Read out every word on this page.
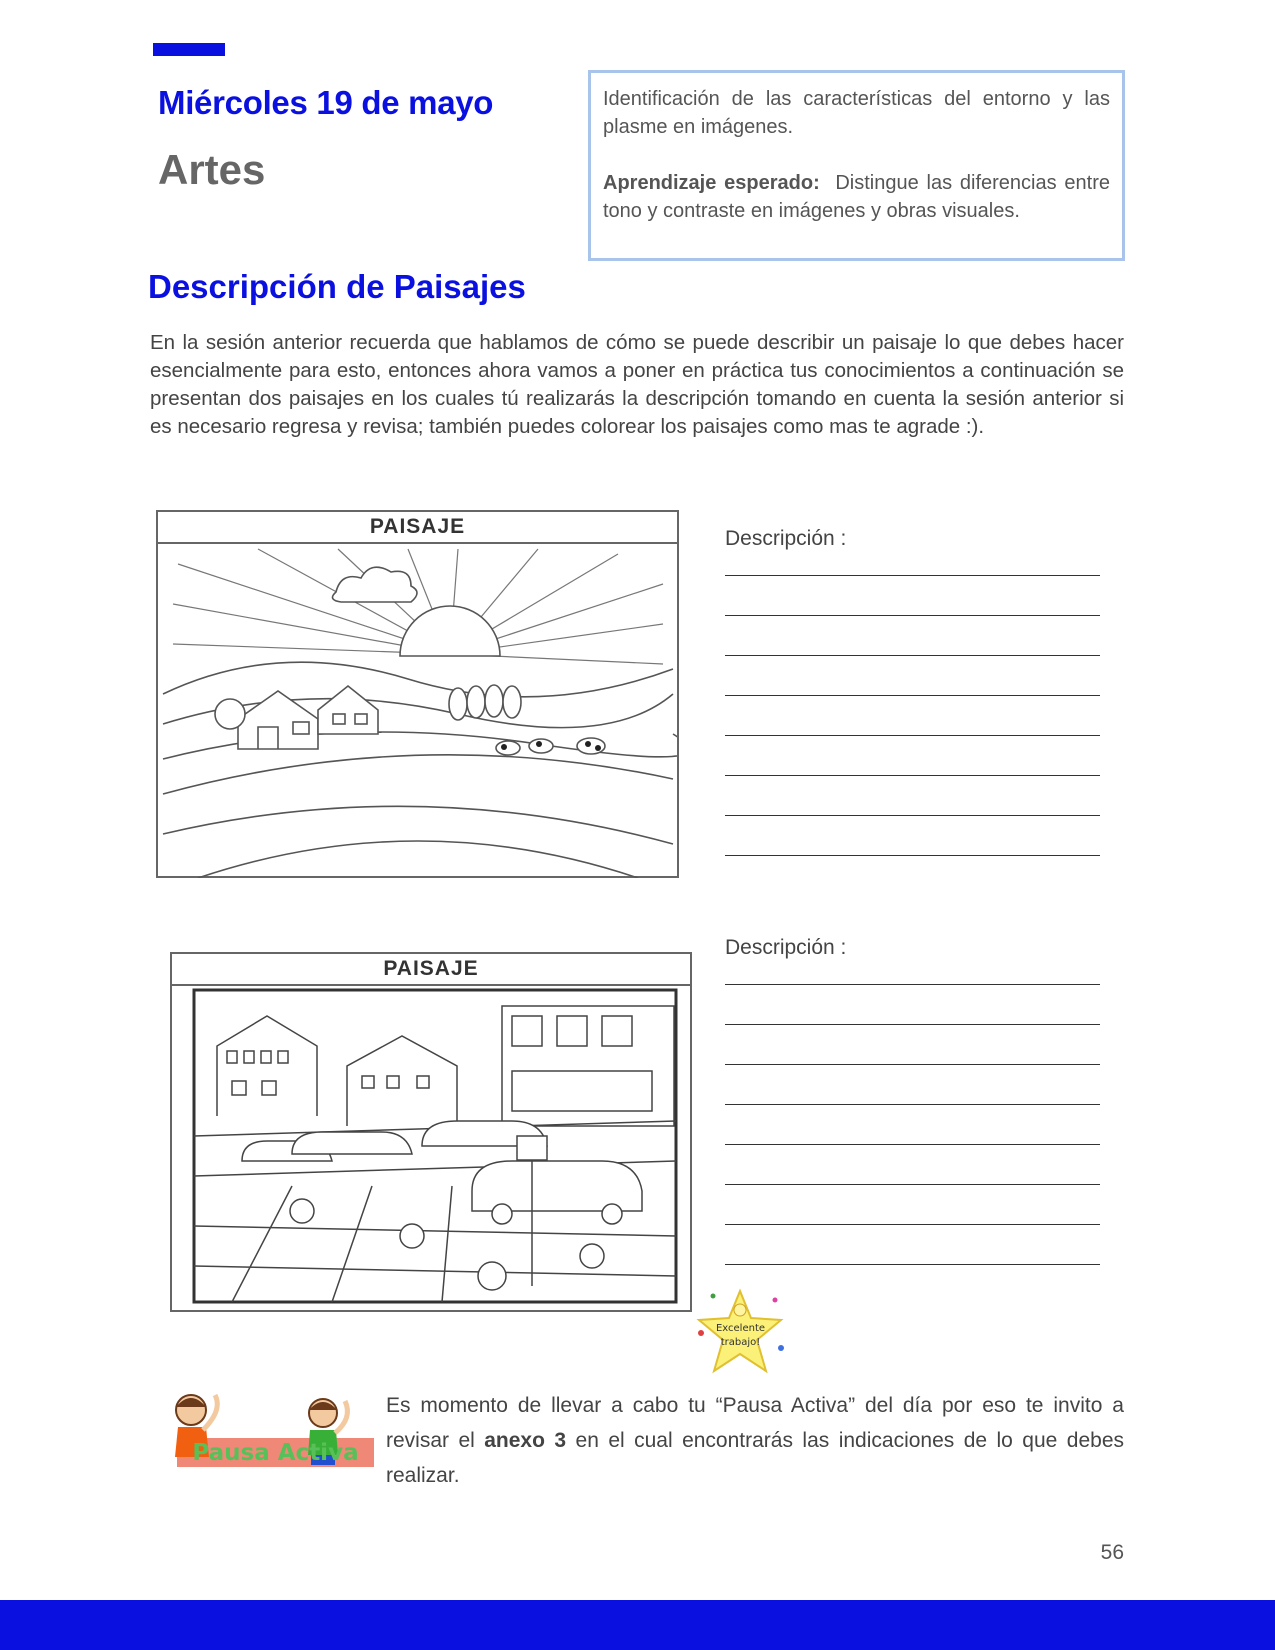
Miércoles 19 de mayo
Artes

Identificación de las características del entorno y las plasme en imágenes.

Aprendizaje esperado: Distingue las diferencias entre tono y contraste en imágenes y obras visuales.

Descripción de Paisajes

En la sesión anterior recuerda que hablamos de cómo se puede describir un paisaje lo que debes hacer esencialmente para esto, entonces ahora vamos a poner en práctica tus conocimientos a continuación se presentan dos paisajes en los cuales tú realizarás la descripción tomando en cuenta la sesión anterior si es necesario regresa y revisa; también puedes colorear los paisajes como mas te agrade :).

PAISAJE
Descripción :
PAISAJE
Descripción :
Excelente
trabajo!
Pausa Activa

Es momento de llevar a cabo tu “Pausa Activa” del día por eso te invito a revisar el anexo 3 en el cual encontrarás las indicaciones de lo que debes realizar.

56
